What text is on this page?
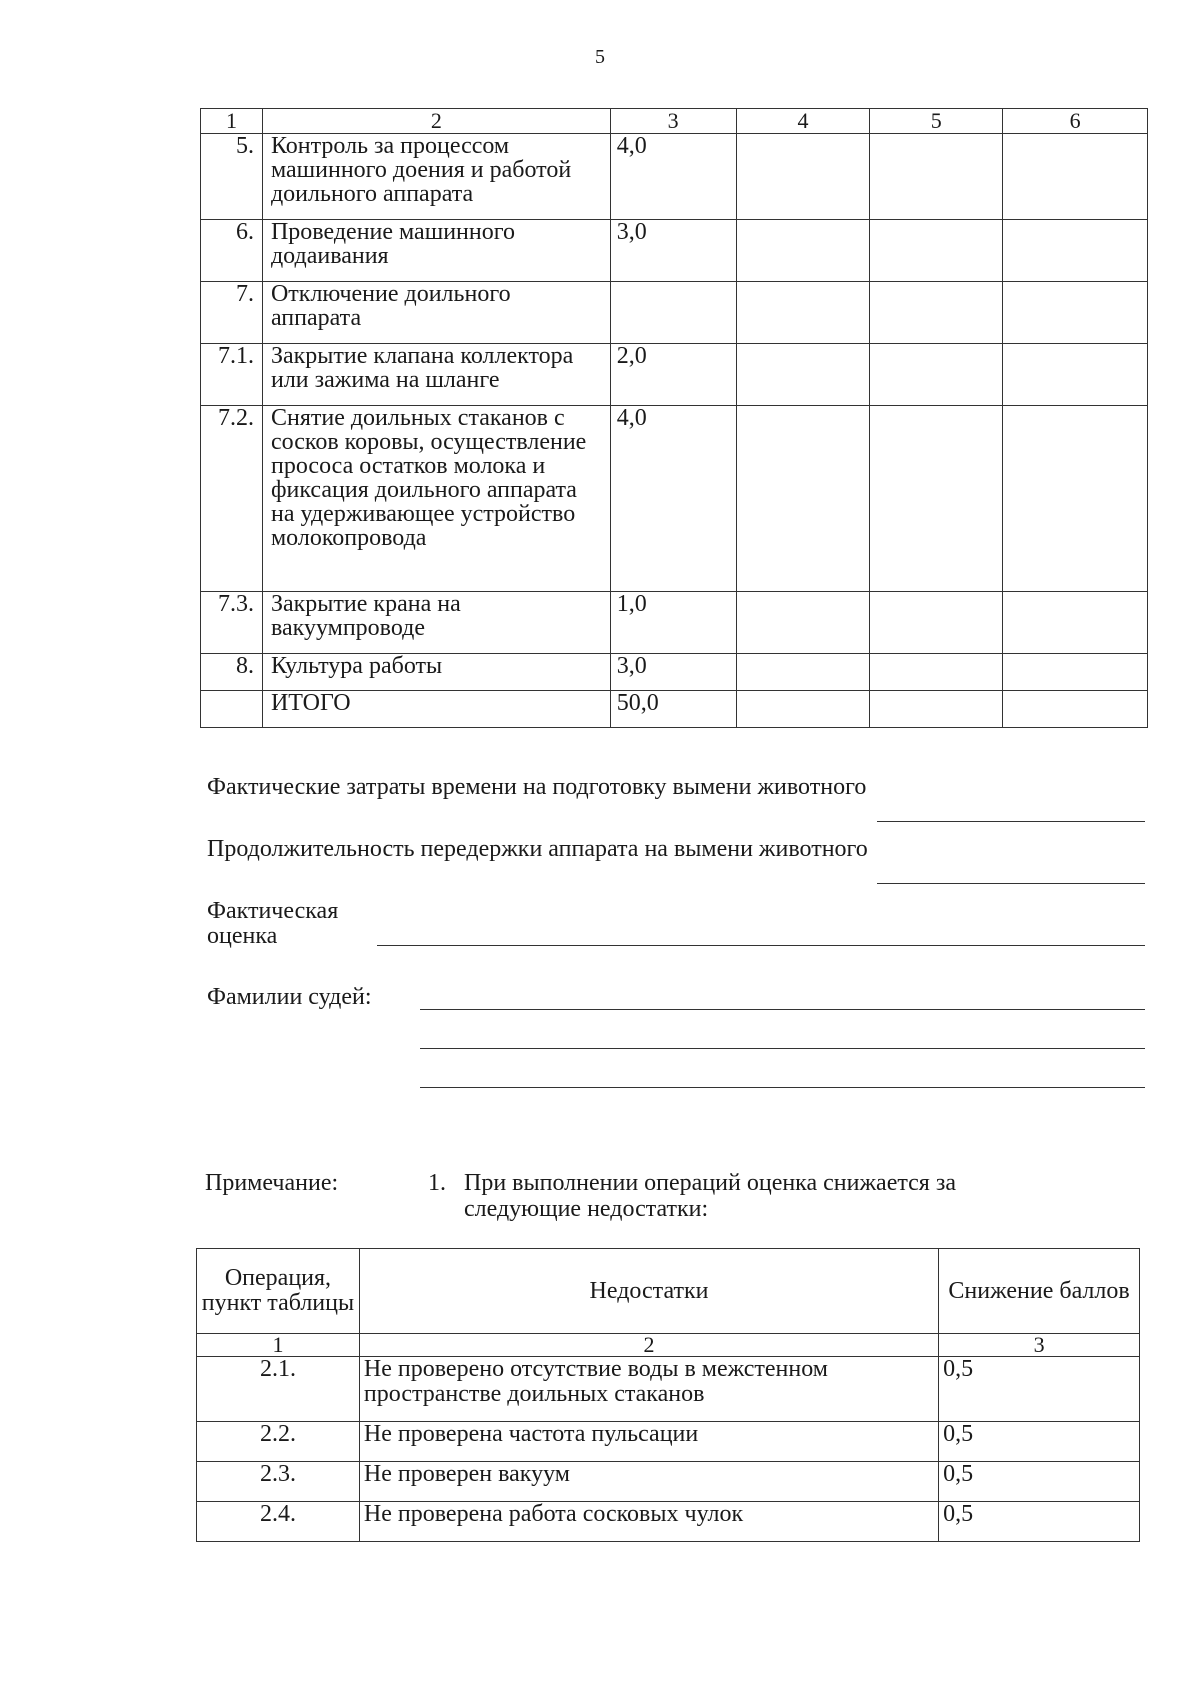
5
1	2	3	4	5	6
5.	Контроль за процессом машинного доения и работой доильного аппарата	4,0			
6.	Проведение машинного додаивания	3,0			
7.	Отключение доильного аппарата				
7.1.	Закрытие клапана коллектора или зажима на шланге	2,0			
7.2.	Снятие доильных стаканов с сосков коровы, осуществление прососа остатков молока и фиксация доильного аппарата на удерживающее устройство молокопровода	4,0			
7.3.	Закрытие крана на вакуумпроводе	1,0			
8.	Культура работы	3,0			
	ИТОГО	50,0			
Фактические затраты времени на подготовку вымени животного
Продолжительность передержки аппарата на вымени животного
Фактическая оценка
Фамилии судей:
Примечание:	1. При выполнении операций оценка снижается за следующие недостатки:
Операция, пункт таблицы	Недостатки	Снижение баллов
1	2	3
2.1.	Не проверено отсутствие воды в межстенном пространстве доильных стаканов	0,5
2.2.	Не проверена частота пульсации	0,5
2.3.	Не проверен вакуум	0,5
2.4.	Не проверена работа сосковых чулок	0,5
